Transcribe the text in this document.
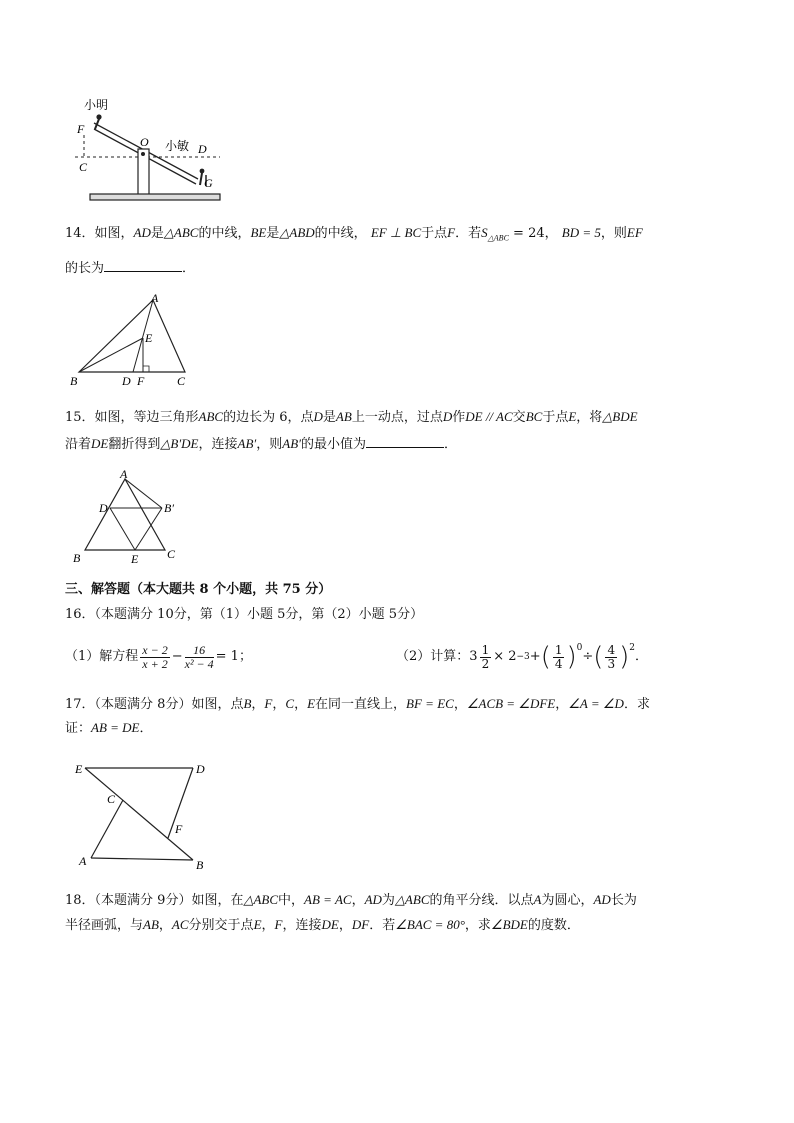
小明
F
O 小敏 D
C
G
14．如图，AD是△ABC的中线，BE是△ABD的中线， EF ⊥ BC于点F．若$S_{\triangle ABC} = 24$， BD = 5，则EF
的长为	．
A
E
B	D F	C
15．如图，等边三角形ABC的边长为 6，点D是AB上一动点，过点D作DE // AC交BC于点E，将△BDE
沿着DE翻折得到△B′DE，连接AB′，则AB′的最小值为	．
A
D	B′
B	E C
三、解答题（本大题共 8 个小题，共 75 分）
16．（本题满分 10分，第（1）小题 5分，第（2）小题 5分）
（1）解方程 $\frac{x - 2}{x + 2} - \frac{16}{\text{x² − 4}} = 1$；	（2）计算： $3 \frac{1}{2} \times 2 -3$ + ( $\frac{1}{4} )^0$
÷ ( $\frac{4}{3} )^2$
．
17．（本题满分 8分）如图，点B，F，C，E在同一直线上，BF = EC，∠ACB = ∠DFE，∠A = ∠D．求
证：AB = DE．
E	D
C
F
A	B
18．（本题满分 9分）如图，在△ABC中，AB = AC，AD为△ABC的角平分线．以点A为圆心，AD长为
半径画弧，与AB，AC分别交于点E，F，连接DE，DF．若∠BAC = 80°，求∠BDE的度数．
